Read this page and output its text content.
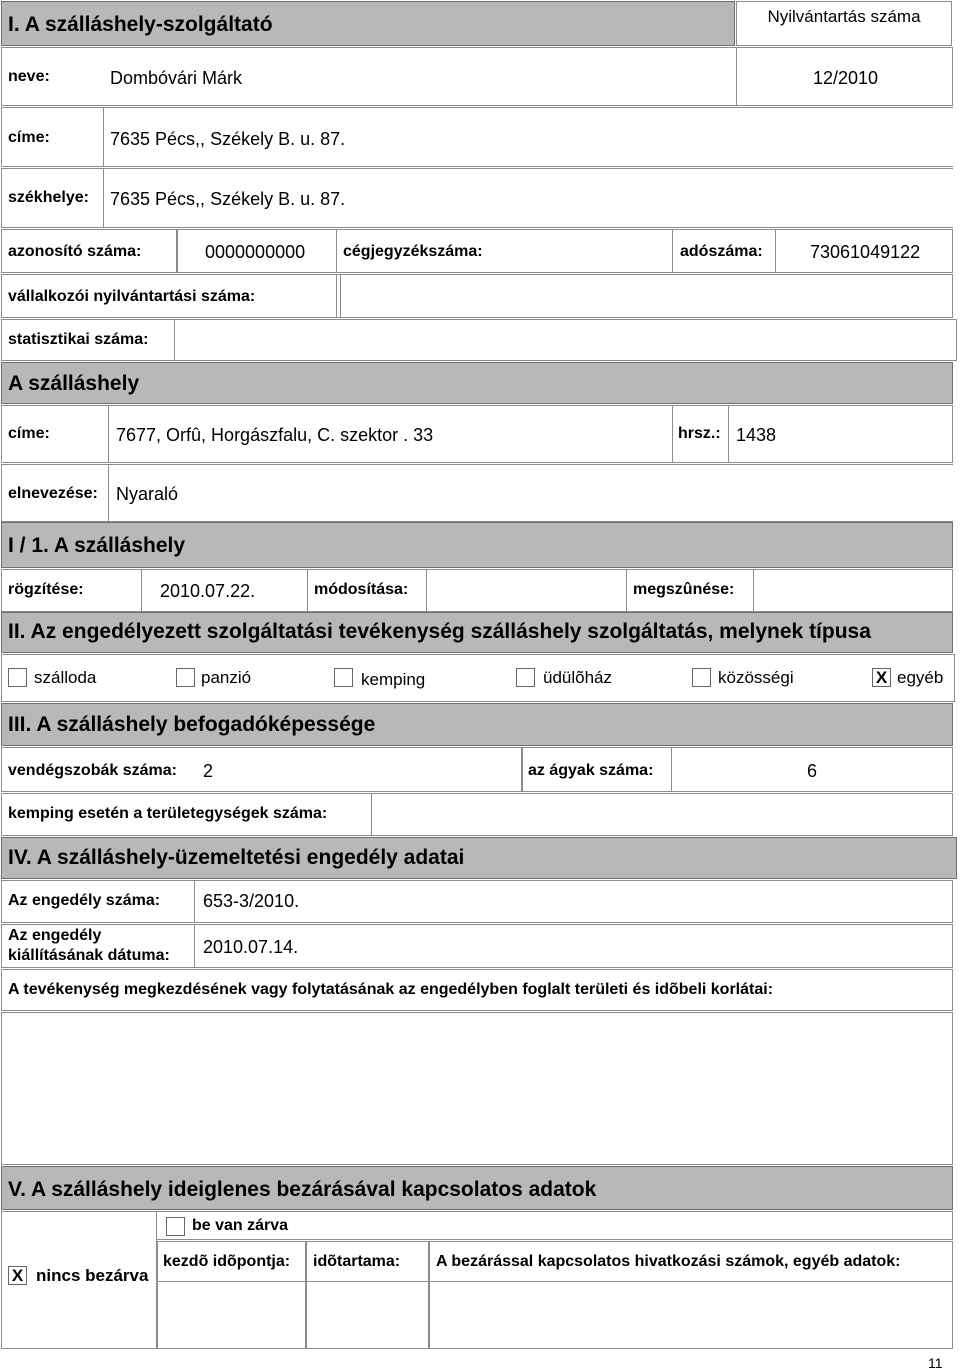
I. A szálláshely-szolgáltató	Nyilvántartás száma
neve:	Dombóvári Márk	12/2010
címe:	7635 Pécs,, Székely B. u. 87.
székhelye: 7635 Pécs,, Székely B. u. 87.
azonosító száma:	0000000000 cégjegyzékszáma:	adószáma:	73061049122
vállalkozói nyilvántartási száma:
statisztikai száma:
A szálláshely
címe:	7677, Orfû, Horgászfalu, C. szektor . 33	hrsz.: 1438
elnevezése: Nyaraló
I / 1. A szálláshely
rögzítése:	2010.07.22.	módosítása:	megszûnése:
II. Az engedélyezett szolgáltatási tevékenység szálláshely szolgáltatás, melynek típusa
szálloda	panzió	kemping	üdülõház	közösségi	X egyéb
III. A szálláshely befogadóképessége
vendégszobák száma: 2	az ágyak száma:	6
kemping esetén a területegységek száma:
IV. A szálláshely-üzemeltetési engedély adatai
Az engedély száma: 653-3/2010.
Az engedély
kiállításának dátuma: 2010.07.14.
A tevékenység megkezdésének vagy folytatásának az engedélyben foglalt területi és idõbeli korlátai:
V. A szálláshely ideiglenes bezárásával kapcsolatos adatok
X nincs bezárva
be van zárva
kezdõ idõpontja: idõtartama: A bezárással kapcsolatos hivatkozási számok, egyéb adatok:
11
